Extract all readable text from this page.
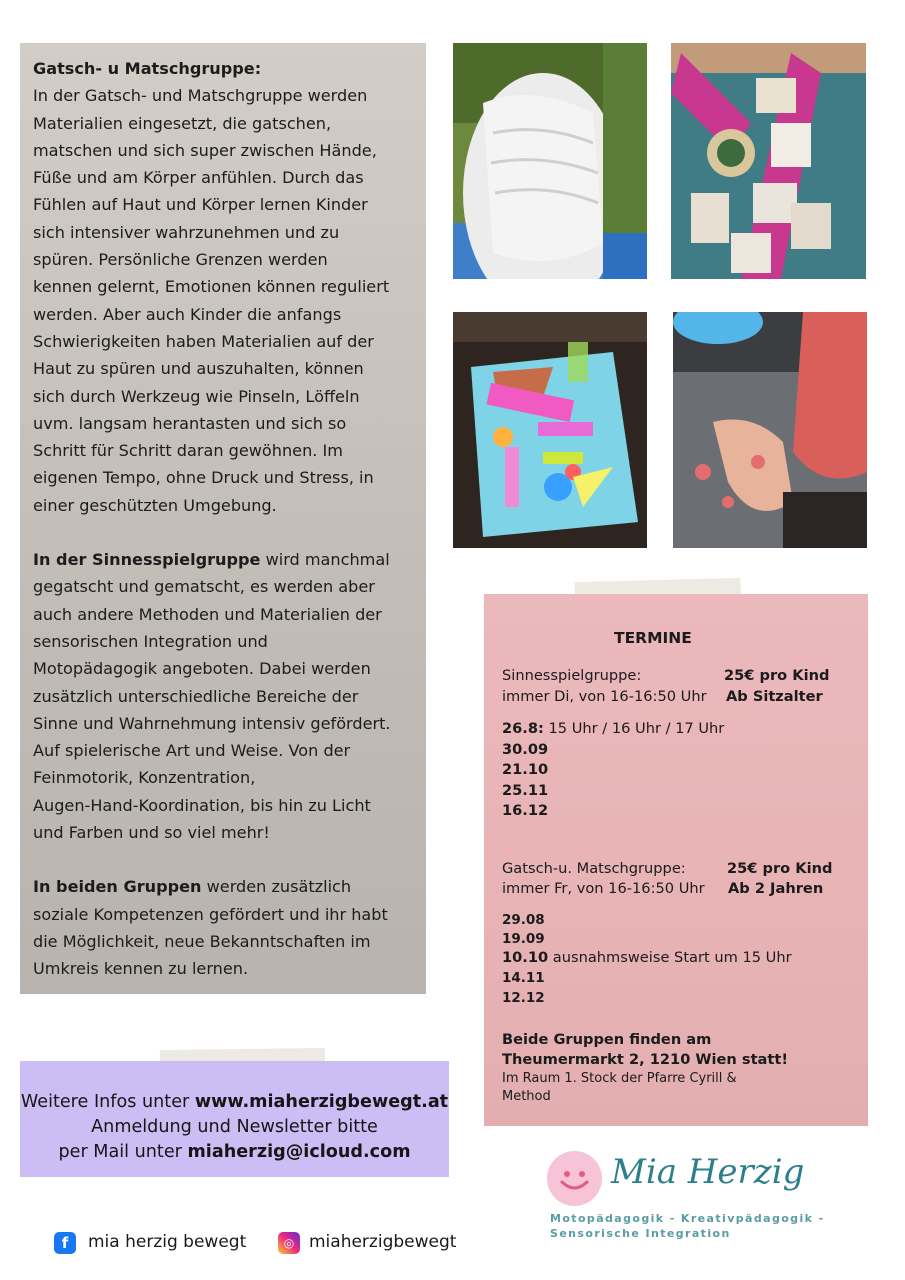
Gatsch- u Matschgruppe:

In der Gatsch- und Matschgruppe werden

Materialien eingesetzt, die gatschen,

matschen und sich super zwischen Hände,

Füße und am Körper anfühlen. Durch das

Fühlen auf Haut und Körper lernen Kinder

sich intensiver wahrzunehmen und zu

spüren. Persönliche Grenzen werden

kennen gelernt, Emotionen können reguliert

werden. Aber auch Kinder die anfangs

Schwierigkeiten haben Materialien auf der

Haut zu spüren und auszuhalten, können

sich durch Werkzeug wie Pinseln, Löffeln

uvm. langsam herantasten und sich so

Schritt für Schritt daran gewöhnen. Im

eigenen Tempo, ohne Druck und Stress, in

einer geschützten Umgebung.

In der Sinnesspielgruppe wird manchmal

gegatscht und gematscht, es werden aber

auch andere Methoden und Materialien der

sensorischen Integration und

Motopädagogik angeboten. Dabei werden

zusätzlich unterschiedliche Bereiche der

Sinne und Wahrnehmung intensiv gefördert.

Auf spielerische Art und Weise. Von der

Feinmotorik, Konzentration,

Augen-Hand-Koordination, bis hin zu Licht

und Farben und so viel mehr!

In beiden Gruppen werden zusätzlich

soziale Kompetenzen gefördert und ihr habt

die Möglichkeit, neue Bekanntschaften im

Umkreis kennen zu lernen.

TERMINE
Sinnesspielgruppe:
immer Di, von 16-16:50 Uhr
25€ pro Kind
Ab Sitzalter
26.8: 15 Uhr / 16 Uhr / 17 Uhr
30.09
21.10
25.11
16.12
Gatsch-u. Matschgruppe:
immer Fr, von 16-16:50 Uhr
25€ pro Kind
Ab 2 Jahren
29.08
19.09
10.10 ausnahmsweise Start um 15 Uhr
14.11
12.12
Beide Gruppen finden am
Theumermarkt 2, 1210 Wien statt!
Im Raum 1. Stock der Pfarre Cyrill &
Method
Weitere Infos unter www.miaherzigbewegt.at
Anmeldung und Newsletter bitte
per Mail unter miaherzig@icloud.com	Mia Herzig
Motopädagogik - Kreativpädagogik -
Sensorische Integration
f	mia herzig bewegt	◎ miaherzigbewegt
